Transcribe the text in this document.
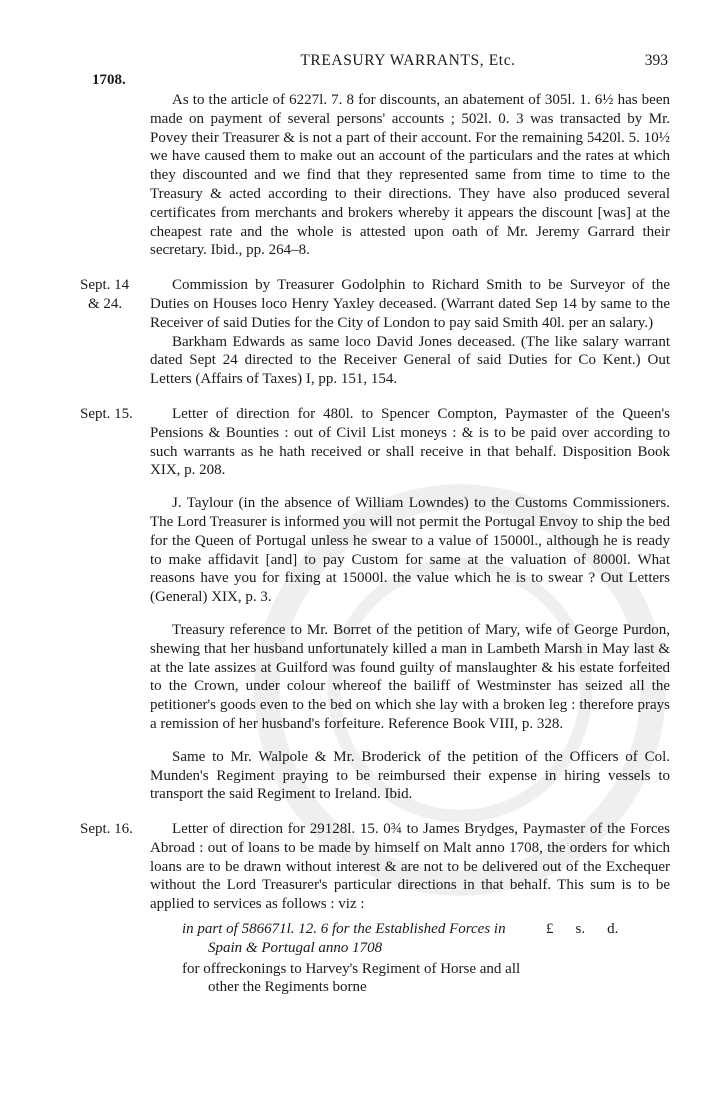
TREASURY WARRANTS, Etc.	393
1708.

As to the article of 6227l. 7. 8 for discounts, an abatement of 305l. 1. 6½ has been made on payment of several persons' accounts ; 502l. 0. 3 was transacted by Mr. Povey their Treasurer & is not a part of their account. For the remaining 5420l. 5. 10½ we have caused them to make out an account of the particulars and the rates at which they discounted and we find that they represented same from time to time to the Treasury & acted according to their directions. They have also produced several certificates from merchants and brokers whereby it appears the discount [was] at the cheapest rate and the whole is attested upon oath of Mr. Jeremy Garrard their secretary. Ibid., pp. 264–8.

Sept. 14
& 24.

Commission by Treasurer Godolphin to Richard Smith to be Surveyor of the Duties on Houses loco Henry Yaxley deceased. (Warrant dated Sep 14 by same to the Receiver of said Duties for the City of London to pay said Smith 40l. per an salary.)

Barkham Edwards as same loco David Jones deceased. (The like salary warrant dated Sept 24 directed to the Receiver General of said Duties for Co Kent.) Out Letters (Affairs of Taxes) I, pp. 151, 154.

Sept. 15.	Letter of direction for 480l. to Spencer Compton, Paymaster of the Queen's Pensions & Bounties : out of Civil List moneys : & is to be paid over according to such warrants as he hath received or shall receive in that behalf. Disposition Book XIX, p. 208.

J. Taylour (in the absence of William Lowndes) to the Customs Commissioners. The Lord Treasurer is informed you will not permit the Portugal Envoy to ship the bed for the Queen of Portugal unless he swear to a value of 15000l., although he is ready to make affidavit [and] to pay Custom for same at the valuation of 8000l. What reasons have you for fixing at 15000l. the value which he is to swear ? Out Letters (General) XIX, p. 3.

Treasury reference to Mr. Borret of the petition of Mary, wife of George Purdon, shewing that her husband unfortunately killed a man in Lambeth Marsh in May last & at the late assizes at Guilford was found guilty of manslaughter & his estate forfeited to the Crown, under colour whereof the bailiff of Westminster has seized all the petitioner's goods even to the bed on which she lay with a broken leg : therefore prays a remission of her husband's forfeiture. Reference Book VIII, p. 328.

Same to Mr. Walpole & Mr. Broderick of the petition of the Officers of Col. Munden's Regiment praying to be reimbursed their expense in hiring vessels to transport the said Regiment to Ireland. Ibid.

Sept. 16.	Letter of direction for 29128l. 15. 0¾ to James Brydges, Paymaster of the Forces Abroad : out of loans to be made by himself on Malt anno 1708, the orders for which loans are to be drawn without interest & are not to be delivered out of the Exchequer without the Lord Treasurer's particular directions in that behalf. This sum is to be applied to services as follows : viz :

in part of 586671l. 12. 6 for the Established Forces in Spain & Portugal anno 1708
for offreckonings to Harvey's Regiment of Horse and all other the Regiments borne
£ s. d.
